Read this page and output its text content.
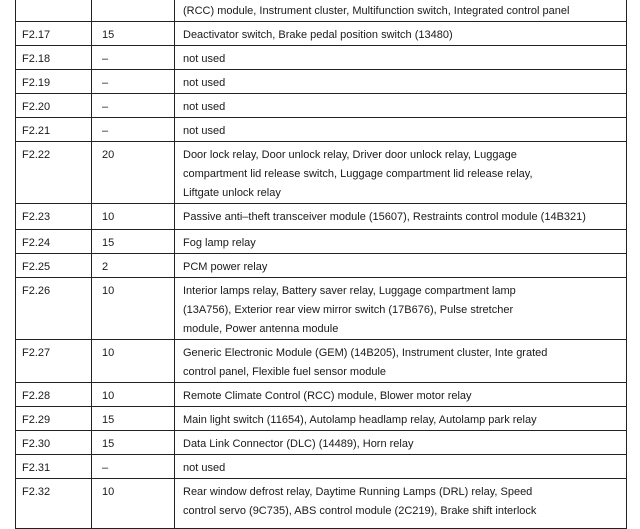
		(RCC) module, Instrument cluster, Multifunction switch, Integrated control panel

F2.17	15	Deactivator switch, Brake pedal position switch (13480)

F2.18	–	not used

F2.19	–	not used

F2.20	–	not used

F2.21	–	not used

F2.22	20	Door lock relay, Door unlock relay, Driver door unlock relay, Luggage
compartment lid release switch, Luggage compartment lid release relay,
Liftgate unlock relay

F2.23	10	Passive anti–theft transceiver module (15607), Restraints control module (14B321)

F2.24	15	Fog lamp relay

F2.25	2	PCM power relay

F2.26	10	Interior lamps relay, Battery saver relay, Luggage compartment lamp
(13A756), Exterior rear view mirror switch (17B676), Pulse stretcher
module, Power antenna module

F2.27	10	Generic Electronic Module (GEM) (14B205), Instrument cluster, Inte grated
control panel, Flexible fuel sensor module

F2.28	10	Remote Climate Control (RCC) module, Blower motor relay

F2.29	15	Main light switch (11654), Autolamp headlamp relay, Autolamp park relay

F2.30	15	Data Link Connector (DLC) (14489), Horn relay

F2.31	–	not used

F2.32	10	Rear window defrost relay, Daytime Running Lamps (DRL) relay, Speed
control servo (9C735), ABS control module (2C219), Brake shift interlock
